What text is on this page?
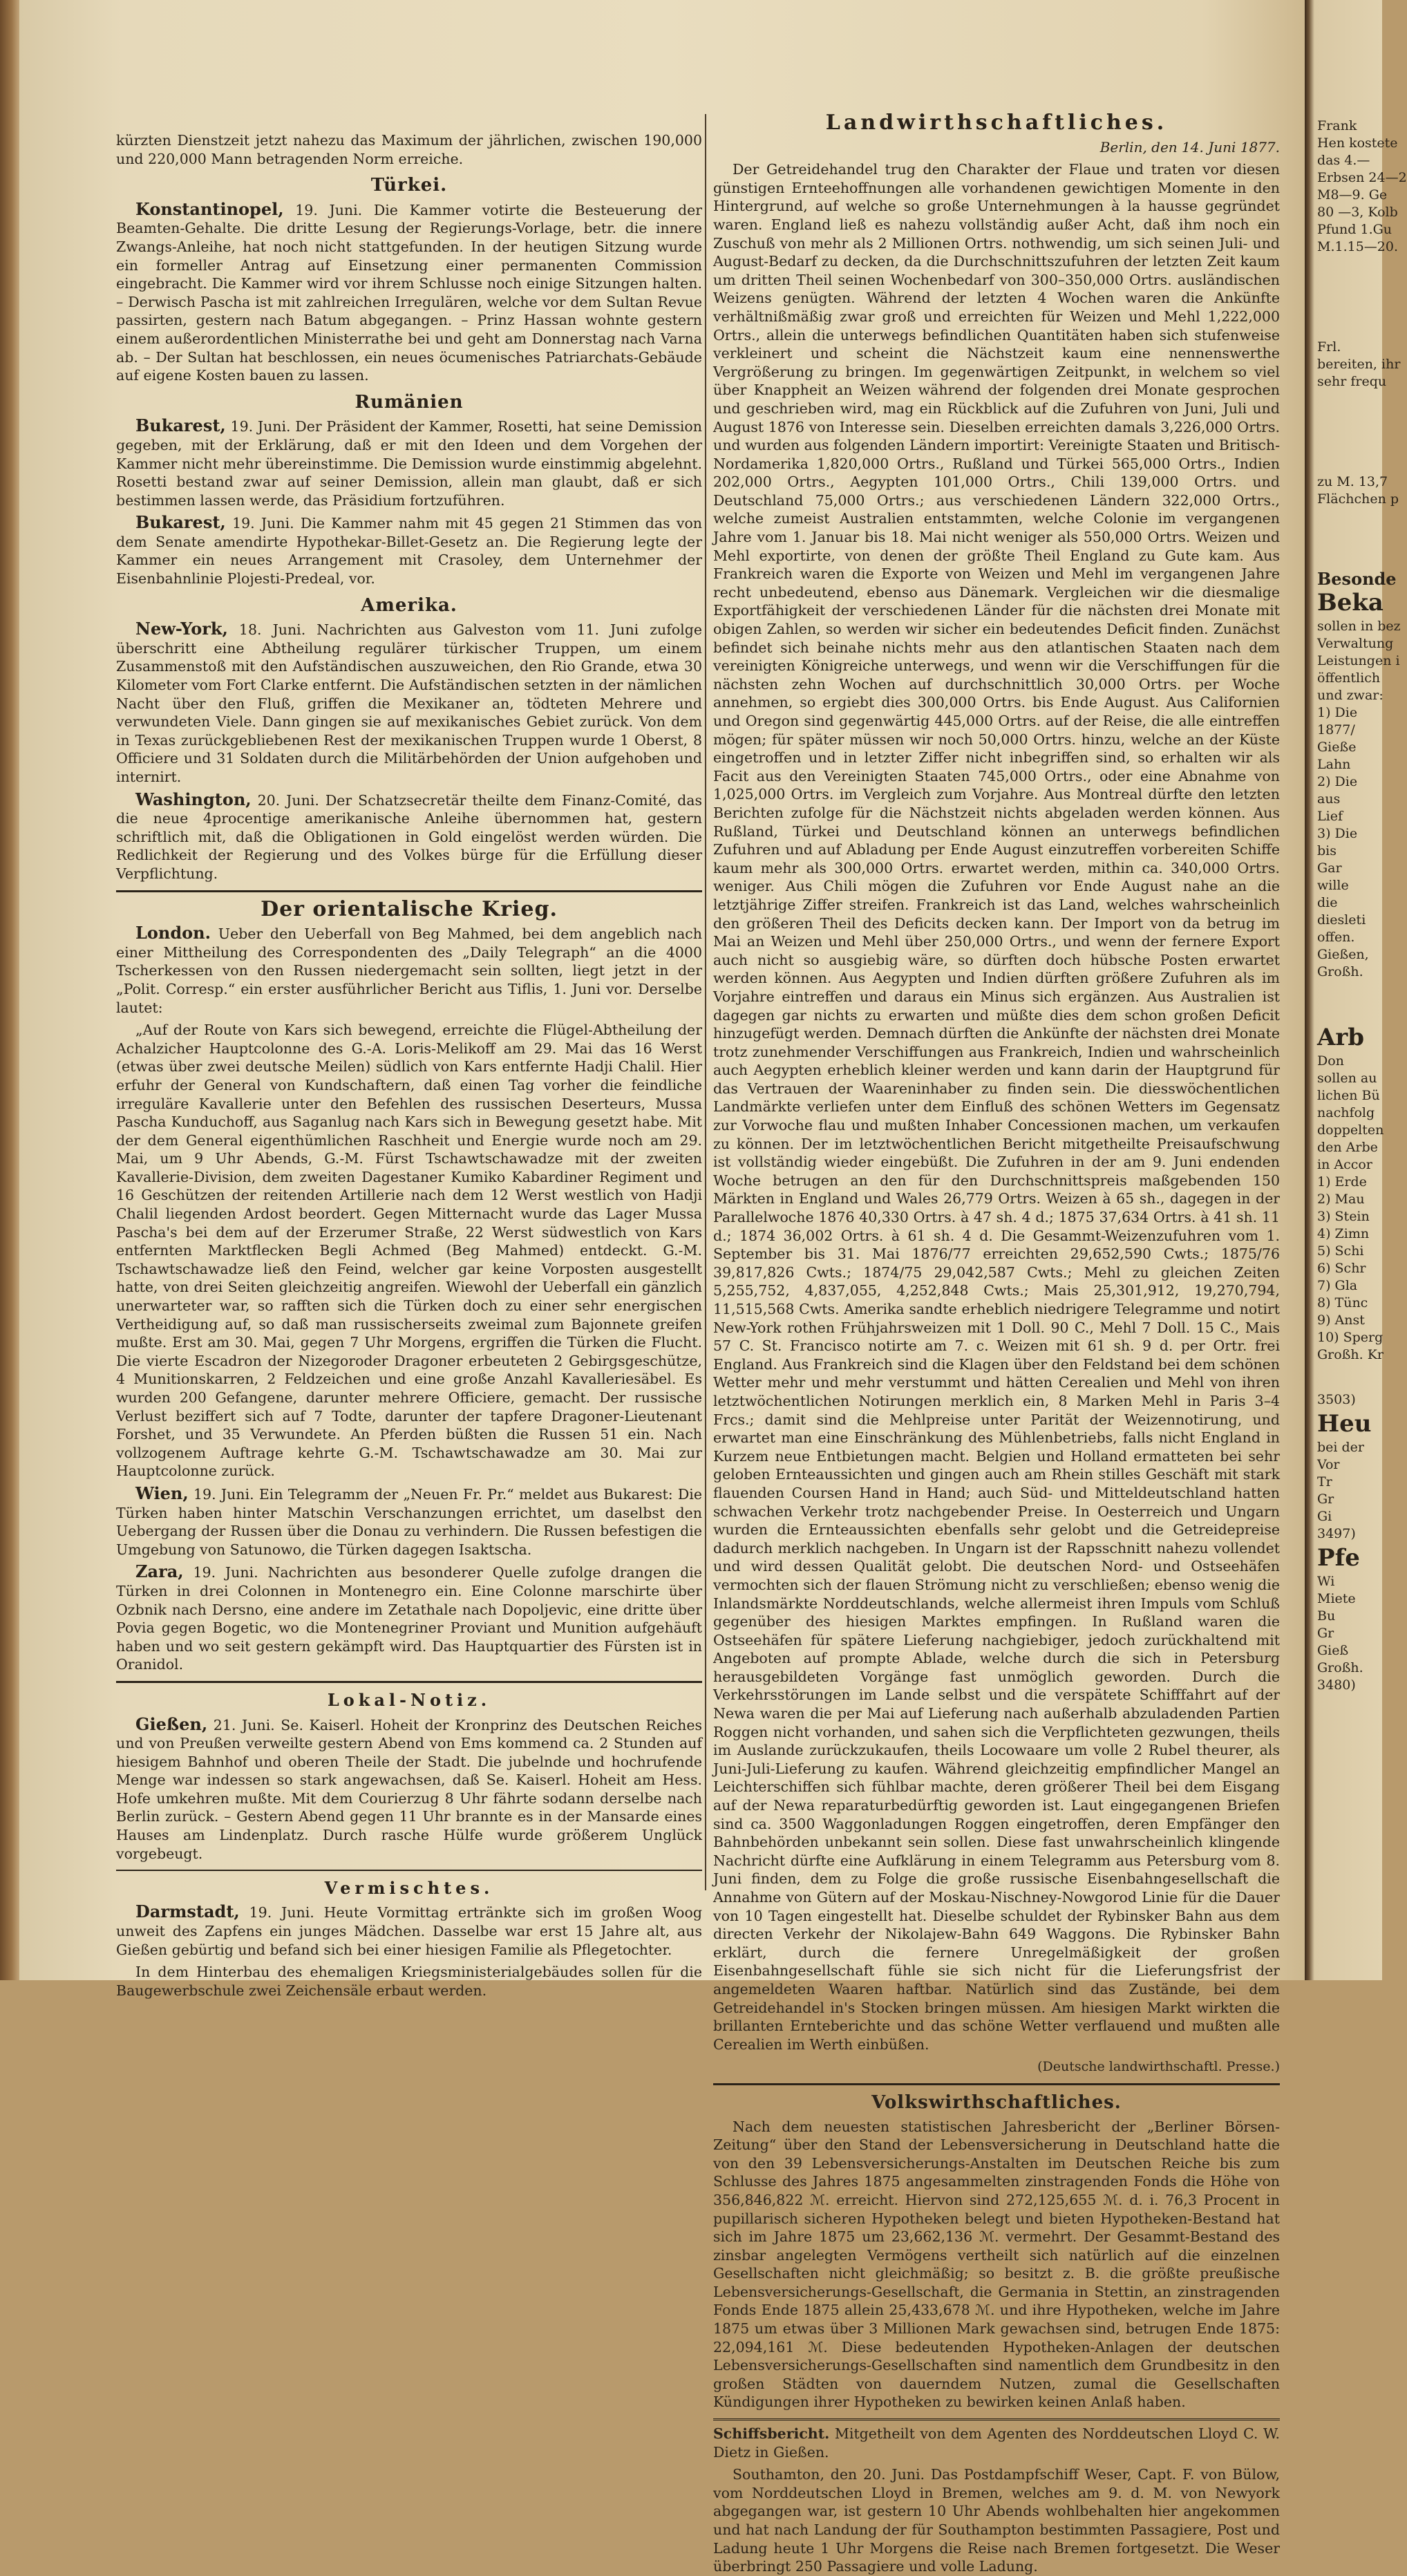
kürzten Dienstzeit jetzt nahezu das Maximum der jährlichen, zwischen 190,000 und 220,000 Mann betragenden Norm erreiche.

Türkei.

Konstantinopel, 19. Juni. Die Kammer votirte die Besteuerung der Beamten-Gehalte. Die dritte Lesung der Regierungs-Vorlage, betr. die innere Zwangs-Anleihe, hat noch nicht stattgefunden. In der heutigen Sitzung wurde ein formeller Antrag auf Einsetzung einer permanenten Commission eingebracht. Die Kammer wird vor ihrem Schlusse noch einige Sitzungen halten. – Derwisch Pascha ist mit zahlreichen Irregulären, welche vor dem Sultan Revue passirten, gestern nach Batum abgegangen. – Prinz Hassan wohnte gestern einem außerordentlichen Ministerrathe bei und geht am Donnerstag nach Varna ab. – Der Sultan hat beschlossen, ein neues öcumenisches Patriarchats-Gebäude auf eigene Kosten bauen zu lassen.

Rumänien

Bukarest, 19. Juni. Der Präsident der Kammer, Rosetti, hat seine Demission gegeben, mit der Erklärung, daß er mit den Ideen und dem Vorgehen der Kammer nicht mehr übereinstimme. Die Demission wurde einstimmig abgelehnt. Rosetti bestand zwar auf seiner Demission, allein man glaubt, daß er sich bestimmen lassen werde, das Präsidium fortzuführen.

Bukarest, 19. Juni. Die Kammer nahm mit 45 gegen 21 Stimmen das von dem Senate amendirte Hypothekar-Billet-Gesetz an. Die Regierung legte der Kammer ein neues Arrangement mit Crasoley, dem Unternehmer der Eisenbahnlinie Plojesti-Predeal, vor.

Amerika.

New-York, 18. Juni. Nachrichten aus Galveston vom 11. Juni zufolge überschritt eine Abtheilung regulärer türkischer Truppen, um einem Zusammenstoß mit den Aufständischen auszuweichen, den Rio Grande, etwa 30 Kilometer vom Fort Clarke entfernt. Die Aufständischen setzten in der nämlichen Nacht über den Fluß, griffen die Mexikaner an, tödteten Mehrere und verwundeten Viele. Dann gingen sie auf mexikanisches Gebiet zurück. Von dem in Texas zurückgebliebenen Rest der mexikanischen Truppen wurde 1 Oberst, 8 Officiere und 31 Soldaten durch die Militärbehörden der Union aufgehoben und internirt.

Washington, 20. Juni. Der Schatzsecretär theilte dem Finanz-Comité, das die neue 4procentige amerikanische Anleihe übernommen hat, gestern schriftlich mit, daß die Obligationen in Gold eingelöst werden würden. Die Redlichkeit der Regierung und des Volkes bürge für die Erfüllung dieser Verpflichtung.

Der orientalische Krieg.

London. Ueber den Ueberfall von Beg Mahmed, bei dem angeblich nach einer Mittheilung des Correspondenten des „Daily Telegraph“ an die 4000 Tscherkessen von den Russen niedergemacht sein sollten, liegt jetzt in der „Polit. Corresp.“ ein erster ausführlicher Bericht aus Tiflis, 1. Juni vor. Derselbe lautet:

„Auf der Route von Kars sich bewegend, erreichte die Flügel-Abtheilung der Achalzicher Hauptcolonne des G.-A. Loris-Melikoff am 29. Mai das 16 Werst (etwas über zwei deutsche Meilen) südlich von Kars entfernte Hadji Chalil. Hier erfuhr der General von Kundschaftern, daß einen Tag vorher die feindliche irreguläre Kavallerie unter den Befehlen des russischen Deserteurs, Mussa Pascha Kunduchoff, aus Saganlug nach Kars sich in Bewegung gesetzt habe. Mit der dem General eigenthümlichen Raschheit und Energie wurde noch am 29. Mai, um 9 Uhr Abends, G.-M. Fürst Tschawtschawadze mit der zweiten Kavallerie-Division, dem zweiten Dagestaner Kumiko Kabardiner Regiment und 16 Geschützen der reitenden Artillerie nach dem 12 Werst westlich von Hadji Chalil liegenden Ardost beordert. Gegen Mitternacht wurde das Lager Mussa Pascha's bei dem auf der Erzerumer Straße, 22 Werst südwestlich von Kars entfernten Marktflecken Begli Achmed (Beg Mahmed) entdeckt. G.-M. Tschawtschawadze ließ den Feind, welcher gar keine Vorposten ausgestellt hatte, von drei Seiten gleichzeitig angreifen. Wiewohl der Ueberfall ein gänzlich unerwarteter war, so rafften sich die Türken doch zu einer sehr energischen Vertheidigung auf, so daß man russischerseits zweimal zum Bajonnete greifen mußte. Erst am 30. Mai, gegen 7 Uhr Morgens, ergriffen die Türken die Flucht. Die vierte Escadron der Nizegoroder Dragoner erbeuteten 2 Gebirgsgeschütze, 4 Munitionskarren, 2 Feldzeichen und eine große Anzahl Kavalleriesäbel. Es wurden 200 Gefangene, darunter mehrere Officiere, gemacht. Der russische Verlust beziffert sich auf 7 Todte, darunter der tapfere Dragoner-Lieutenant Forshet, und 35 Verwundete. An Pferden büßten die Russen 51 ein. Nach vollzogenem Auftrage kehrte G.-M. Tschawtschawadze am 30. Mai zur Hauptcolonne zurück.

Wien, 19. Juni. Ein Telegramm der „Neuen Fr. Pr.“ meldet aus Bukarest: Die Türken haben hinter Matschin Verschanzungen errichtet, um daselbst den Uebergang der Russen über die Donau zu verhindern. Die Russen befestigen die Umgebung von Satunowo, die Türken dagegen Isaktscha.

Zara, 19. Juni. Nachrichten aus besonderer Quelle zufolge drangen die Türken in drei Colonnen in Montenegro ein. Eine Colonne marschirte über Ozbnik nach Dersno, eine andere im Zetathale nach Dopoljevic, eine dritte über Povia gegen Bogetic, wo die Montenegriner Proviant und Munition aufgehäuft haben und wo seit gestern gekämpft wird. Das Hauptquartier des Fürsten ist in Oranidol.

Lokal-Notiz.

Gießen, 21. Juni. Se. Kaiserl. Hoheit der Kronprinz des Deutschen Reiches und von Preußen verweilte gestern Abend von Ems kommend ca. 2 Stunden auf hiesigem Bahnhof und oberen Theile der Stadt. Die jubelnde und hochrufende Menge war indessen so stark angewachsen, daß Se. Kaiserl. Hoheit am Hess. Hofe umkehren mußte. Mit dem Courierzug 8 Uhr fährte sodann derselbe nach Berlin zurück. – Gestern Abend gegen 11 Uhr brannte es in der Mansarde eines Hauses am Lindenplatz. Durch rasche Hülfe wurde größerem Unglück vorgebeugt.

Vermischtes.

Darmstadt, 19. Juni. Heute Vormittag ertränkte sich im großen Woog unweit des Zapfens ein junges Mädchen. Dasselbe war erst 15 Jahre alt, aus Gießen gebürtig und befand sich bei einer hiesigen Familie als Pflegetochter.

In dem Hinterbau des ehemaligen Kriegsministerialgebäudes sollen für die Baugewerbschule zwei Zeichensäle erbaut werden.

Landwirthschaftliches.
Berlin, den 14. Juni 1877.

Der Getreidehandel trug den Charakter der Flaue und traten vor diesen günstigen Ernteehoffnungen alle vorhandenen gewichtigen Momente in den Hintergrund, auf welche so große Unternehmungen à la hausse gegründet waren. England ließ es nahezu vollständig außer Acht, daß ihm noch ein Zuschuß von mehr als 2 Millionen Ortrs. nothwendig, um sich seinen Juli- und August-Bedarf zu decken, da die Durchschnittszufuhren der letzten Zeit kaum um dritten Theil seinen Wochenbedarf von 300–350,000 Ortrs. ausländischen Weizens genügten. Während der letzten 4 Wochen waren die Ankünfte verhältnißmäßig zwar groß und erreichten für Weizen und Mehl 1,222,000 Ortrs., allein die unterwegs befindlichen Quantitäten haben sich stufenweise verkleinert und scheint die Nächstzeit kaum eine nennenswerthe Vergrößerung zu bringen. Im gegenwärtigen Zeitpunkt, in welchem so viel über Knappheit an Weizen während der folgenden drei Monate gesprochen und geschrieben wird, mag ein Rückblick auf die Zufuhren von Juni, Juli und August 1876 von Interesse sein. Dieselben erreichten damals 3,226,000 Ortrs. und wurden aus folgenden Ländern importirt: Vereinigte Staaten und Britisch-Nordamerika 1,820,000 Ortrs., Rußland und Türkei 565,000 Ortrs., Indien 202,000 Ortrs., Aegypten 101,000 Ortrs., Chili 139,000 Ortrs. und Deutschland 75,000 Ortrs.; aus verschiedenen Ländern 322,000 Ortrs., welche zumeist Australien entstammten, welche Colonie im vergangenen Jahre vom 1. Januar bis 18. Mai nicht weniger als 550,000 Ortrs. Weizen und Mehl exportirte, von denen der größte Theil England zu Gute kam. Aus Frankreich waren die Exporte von Weizen und Mehl im vergangenen Jahre recht unbedeutend, ebenso aus Dänemark. Vergleichen wir die diesmalige Exportfähigkeit der verschiedenen Länder für die nächsten drei Monate mit obigen Zahlen, so werden wir sicher ein bedeutendes Deficit finden. Zunächst befindet sich beinahe nichts mehr aus den atlantischen Staaten nach dem vereinigten Königreiche unterwegs, und wenn wir die Verschiffungen für die nächsten zehn Wochen auf durchschnittlich 30,000 Ortrs. per Woche annehmen, so ergiebt dies 300,000 Ortrs. bis Ende August. Aus Californien und Oregon sind gegenwärtig 445,000 Ortrs. auf der Reise, die alle eintreffen mögen; für später müssen wir noch 50,000 Ortrs. hinzu, welche an der Küste eingetroffen und in letzter Ziffer nicht inbegriffen sind, so erhalten wir als Facit aus den Vereinigten Staaten 745,000 Ortrs., oder eine Abnahme von 1,025,000 Ortrs. im Vergleich zum Vorjahre. Aus Montreal dürfte den letzten Berichten zufolge für die Nächstzeit nichts abgeladen werden können. Aus Rußland, Türkei und Deutschland können an unterwegs befindlichen Zufuhren und auf Abladung per Ende August einzutreffen vorbereiten Schiffe kaum mehr als 300,000 Ortrs. erwartet werden, mithin ca. 340,000 Ortrs. weniger. Aus Chili mögen die Zufuhren vor Ende August nahe an die letztjährige Ziffer streifen. Frankreich ist das Land, welches wahrscheinlich den größeren Theil des Deficits decken kann. Der Import von da betrug im Mai an Weizen und Mehl über 250,000 Ortrs., und wenn der fernere Export auch nicht so ausgiebig wäre, so dürften doch hübsche Posten erwartet werden können. Aus Aegypten und Indien dürften größere Zufuhren als im Vorjahre eintreffen und daraus ein Minus sich ergänzen. Aus Australien ist dagegen gar nichts zu erwarten und müßte dies dem schon großen Deficit hinzugefügt werden. Demnach dürften die Ankünfte der nächsten drei Monate trotz zunehmender Verschiffungen aus Frankreich, Indien und wahrscheinlich auch Aegypten erheblich kleiner werden und kann darin der Hauptgrund für das Vertrauen der Waareninhaber zu finden sein. Die diesswöchentlichen Landmärkte verliefen unter dem Einfluß des schönen Wetters im Gegensatz zur Vorwoche flau und mußten Inhaber Concessionen machen, um verkaufen zu können. Der im letztwöchentlichen Bericht mitgetheilte Preisaufschwung ist vollständig wieder eingebüßt. Die Zufuhren in der am 9. Juni endenden Woche betrugen an den für den Durchschnittspreis maßgebenden 150 Märkten in England und Wales 26,779 Ortrs. Weizen à 65 sh., dagegen in der Parallelwoche 1876 40,330 Ortrs. à 47 sh. 4 d.; 1875 37,634 Ortrs. à 41 sh. 11 d.; 1874 36,002 Ortrs. à 61 sh. 4 d. Die Gesammt-Weizenzufuhren vom 1. September bis 31. Mai 1876/77 erreichten 29,652,590 Cwts.; 1875/76 39,817,826 Cwts.; 1874/75 29,042,587 Cwts.; Mehl zu gleichen Zeiten 5,255,752, 4,837,055, 4,252,848 Cwts.; Mais 25,301,912, 19,270,794, 11,515,568 Cwts. Amerika sandte erheblich niedrigere Telegramme und notirt New-York rothen Frühjahrsweizen mit 1 Doll. 90 C., Mehl 7 Doll. 15 C., Mais 57 C. St. Francisco notirte am 7. c. Weizen mit 61 sh. 9 d. per Ortr. frei England. Aus Frankreich sind die Klagen über den Feldstand bei dem schönen Wetter mehr und mehr verstummt und hätten Cerealien und Mehl von ihren letztwöchentlichen Notirungen merklich ein, 8 Marken Mehl in Paris 3–4 Frcs.; damit sind die Mehlpreise unter Parität der Weizennotirung, und erwartet man eine Einschränkung des Mühlenbetriebs, falls nicht England in Kurzem neue Entbietungen macht. Belgien und Holland ermatteten bei sehr geloben Ernteaussichten und gingen auch am Rhein stilles Geschäft mit stark flauenden Coursen Hand in Hand; auch Süd- und Mitteldeutschland hatten schwachen Verkehr trotz nachgebender Preise. In Oesterreich und Ungarn wurden die Ernteaussichten ebenfalls sehr gelobt und die Getreidepreise dadurch merklich nachgeben. In Ungarn ist der Rapsschnitt nahezu vollendet und wird dessen Qualität gelobt. Die deutschen Nord- und Ostseehäfen vermochten sich der flauen Strömung nicht zu verschließen; ebenso wenig die Inlandsmärkte Norddeutschlands, welche allermeist ihren Impuls vom Schluß gegenüber des hiesigen Marktes empfingen. In Rußland waren die Ostseehäfen für spätere Lieferung nachgiebiger, jedoch zurückhaltend mit Angeboten auf prompte Ablade, welche durch die sich in Petersburg herausgebildeten Vorgänge fast unmöglich geworden. Durch die Verkehrsstörungen im Lande selbst und die verspätete Schifffahrt auf der Newa waren die per Mai auf Lieferung nach außerhalb abzuladenden Partien Roggen nicht vorhanden, und sahen sich die Verpflichteten gezwungen, theils im Auslande zurückzukaufen, theils Locowaare um volle 2 Rubel theurer, als Juni-Juli-Lieferung zu kaufen. Während gleichzeitig empfindlicher Mangel an Leichterschiffen sich fühlbar machte, deren größerer Theil bei dem Eisgang auf der Newa reparaturbedürftig geworden ist. Laut eingegangenen Briefen sind ca. 3500 Waggonladungen Roggen eingetroffen, deren Empfänger den Bahnbehörden unbekannt sein sollen. Diese fast unwahrscheinlich klingende Nachricht dürfte eine Aufklärung in einem Telegramm aus Petersburg vom 8. Juni finden, dem zu Folge die große russische Eisenbahngesellschaft die Annahme von Gütern auf der Moskau-Nischney-Nowgorod Linie für die Dauer von 10 Tagen eingestellt hat. Dieselbe schuldet der Rybinsker Bahn aus dem directen Verkehr der Nikolajew-Bahn 649 Waggons. Die Rybinsker Bahn erklärt, durch die fernere Unregelmäßigkeit der großen Eisenbahngesellschaft fühle sie sich nicht für die Lieferungsfrist der angemeldeten Waaren haftbar. Natürlich sind das Zustände, bei dem Getreidehandel in's Stocken bringen müssen. Am hiesigen Markt wirkten die brillanten Ernteberichte und das schöne Wetter verflauend und mußten alle Cerealien im Werth einbüßen.

(Deutsche landwirthschaftl. Presse.)
Volkswirthschaftliches.

Nach dem neuesten statistischen Jahresbericht der „Berliner Börsen-Zeitung“ über den Stand der Lebensversicherung in Deutschland hatte die von den 39 Lebensversicherungs-Anstalten im Deutschen Reiche bis zum Schlusse des Jahres 1875 angesammelten zinstragenden Fonds die Höhe von 356,846,822 ℳ. erreicht. Hiervon sind 272,125,655 ℳ. d. i. 76,3 Procent in pupillarisch sicheren Hypotheken belegt und bieten Hypotheken-Bestand hat sich im Jahre 1875 um 23,662,136 ℳ. vermehrt. Der Gesammt-Bestand des zinsbar angelegten Vermögens vertheilt sich natürlich auf die einzelnen Gesellschaften nicht gleichmäßig; so besitzt z. B. die größte preußische Lebensversicherungs-Gesellschaft, die Germania in Stettin, an zinstragenden Fonds Ende 1875 allein 25,433,678 ℳ. und ihre Hypotheken, welche im Jahre 1875 um etwas über 3 Millionen Mark gewachsen sind, betrugen Ende 1875: 22,094,161 ℳ. Diese bedeutenden Hypotheken-Anlagen der deutschen Lebensversicherungs-Gesellschaften sind namentlich dem Grundbesitz in den großen Städten von dauerndem Nutzen, zumal die Gesellschaften Kündigungen ihrer Hypotheken zu bewirken keinen Anlaß haben.

Schiffsbericht. Mitgetheilt von dem Agenten des Norddeutschen Lloyd C. W. Dietz in Gießen.

Southamton, den 20. Juni. Das Postdampfschiff Weser, Capt. F. von Bülow, vom Norddeutschen Lloyd in Bremen, welches am 9. d. M. von Newyork abgegangen war, ist gestern 10 Uhr Abends wohlbehalten hier angekommen und hat nach Landung der für Southampton bestimmten Passagiere, Post und Ladung heute 1 Uhr Morgens die Reise nach Bremen fortgesetzt. Die Weser überbringt 250 Passagiere und volle Ladung.

Frank
Hen kostete
das 4.—
Erbsen 24—2
M8—9. Ge
80 —3, Kolb
Pfund 1.Gu
M.1.15—20.
Frl.
bereiten, ihr
sehr frequ
zu M. 13,7
Flächchen p
Besonde
Beka
sollen in bez
Verwaltung
Leistungen i
öffentlich
und zwar:
1) Die
1877/
Gieße
Lahn
2) Die
aus
Lief
3) Die
bis
Gar
wille
die
diesleti
offen.
Gießen,
Großh.
Arb
Don
sollen au
lichen Bü
nachfolg
doppelten
den Arbe
in Accor
1) Erde
2) Mau
3) Stein
4) Zimn
5) Schi
6) Schr
7) Gla
8) Tünc
9) Anst
10) Sperg
Großh. Kr
3503)
Heu
bei der
Vor
Tr
Gr
Gi
3497)
Pfe
Wi
Miete
Bu
Gr
Gieß
Großh.
3480)
